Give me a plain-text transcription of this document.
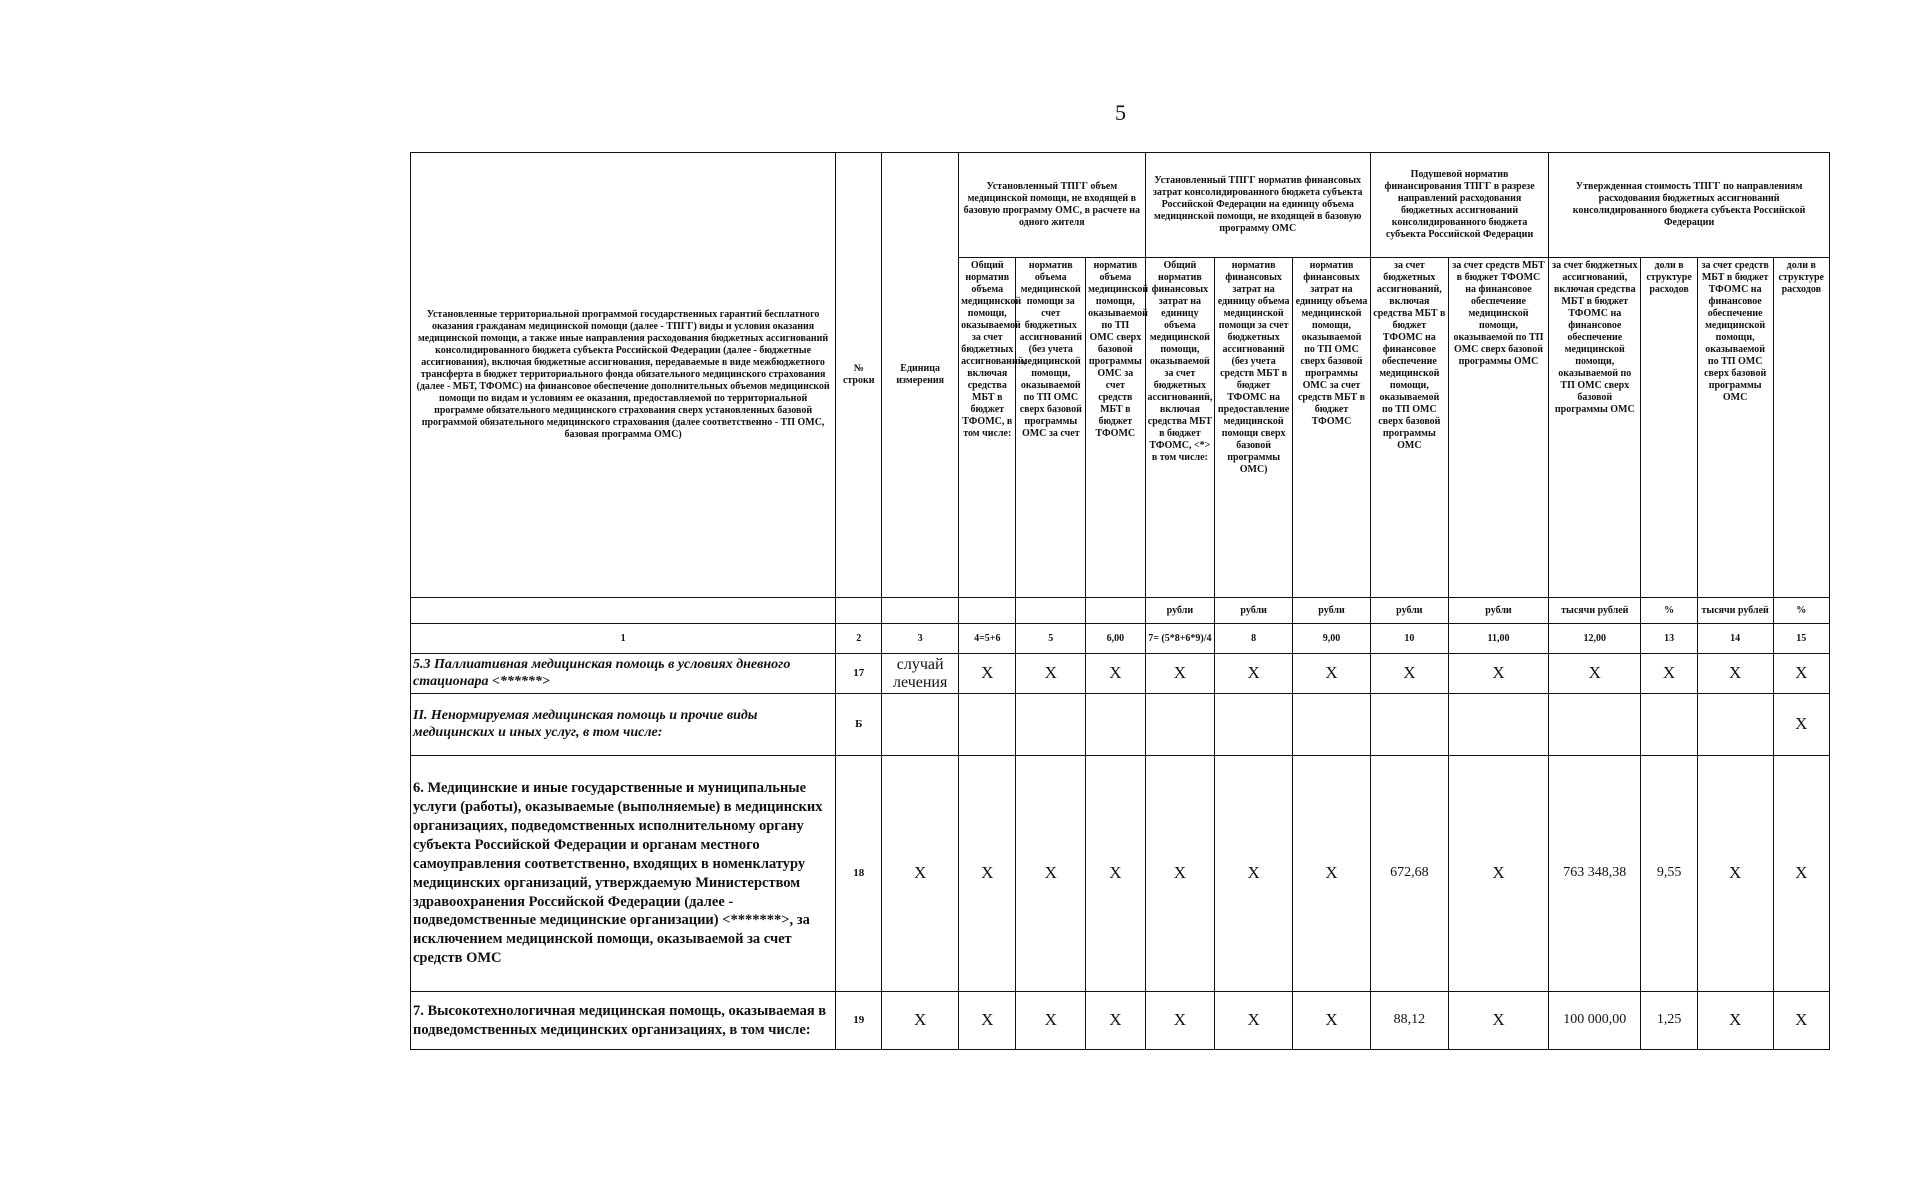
5
Установленные территориальной программой государственных гарантий бесплатного оказания гражданам медицинской помощи (далее - ТПГГ) виды и условия оказания медицинской помощи, а также иные направления расходования бюджетных ассигнований консолидированного бюджета субъекта Российской Федерации (далее - бюджетные ассигнования), включая бюджетные ассигнования, передаваемые в виде межбюджетного трансферта в бюджет территориального фонда обязательного медицинского страхования (далее - МБТ, ТФОМС) на финансовое обеспечение дополнительных объемов медицинской помощи по видам и условиям ее оказания, предоставляемой по территориальной программе обязательного медицинского страхования сверх установленных базовой программой обязательного медицинского страхования (далее соответственно - ТП ОМС, базовая программа ОМС)	№ строки	Единица измерения	Установленный ТПГГ объем медицинской помощи, не входящей в базовую программу ОМС, в расчете на одного жителя			Установленный ТПГГ норматив финансовых затрат консолидированного бюджета субъекта Российской Федерации на единицу объема медицинской помощи, не входящей в базовую программу ОМС			Подушевой норматив финансирования ТПГГ в разрезе направлений расходования бюджетных ассигнований консолидированного бюджета субъекта Российской Федерации		Утвержденная стоимость ТПГГ по направлениям расходования бюджетных ассигнований консолидированного бюджета субъекта Российской Федерации			
			Общий норматив объема медицинской помощи, оказываемой за счет бюджетных ассигнований, включая средства МБТ в бюджет ТФОМС, в том числе:	норматив объема медицинской помощи за счет бюджетных ассигнований (без учета медицинской помощи, оказываемой по ТП ОМС сверх базовой программы ОМС за счет	норматив объема медицинской помощи, оказываемой по ТП ОМС сверх базовой программы ОМС за счет средств МБТ в бюджет ТФОМС	Общий норматив финансовых затрат на единицу объема медицинской помощи, оказываемой за счет бюджетных ассигнований, включая средства МБТ в бюджет ТФОМС, <*> в том числе:	норматив финансовых затрат на единицу объема медицинской помощи за счет бюджетных ассигнований (без учета средств МБТ в бюджет ТФОМС на предоставление медицинской помощи сверх базовой программы ОМС)	норматив финансовых затрат на единицу объема медицинской помощи, оказываемой по ТП ОМС сверх базовой программы ОМС за счет средств МБТ в бюджет ТФОМС	за счет бюджетных ассигнований, включая средства МБТ в бюджет ТФОМС на финансовое обеспечение медицинской помощи, оказываемой по ТП ОМС сверх базовой программы ОМС	за счет средств МБТ в бюджет ТФОМС на финансовое обеспечение медицинской помощи, оказываемой по ТП ОМС сверх базовой программы ОМС	за счет бюджетных ассигнований, включая средства МБТ в бюджет ТФОМС на финансовое обеспечение медицинской помощи, оказываемой по ТП ОМС сверх базовой программы ОМС	доли в структуре расходов	за счет средств МБТ в бюджет ТФОМС на финансовое обеспечение медицинской помощи, оказываемой по ТП ОМС сверх базовой программы ОМС	доли в структуре расходов
						рубли	рубли	рубли	рубли	рубли	тысячи рублей	%	тысячи рублей	%
1	2	3	4=5+6	5	6,00	7= (5*8+6*9)/4	8	9,00	10	11,00	12,00	13	14	15
5.3 Паллиативная медицинская помощь в условиях дневного стационара <******>	17	случай лечения	X	X	X	X	X	X	X	X	X	X	X	X
II. Ненормируемая медицинская помощь и прочие виды медицинских и иных услуг, в том числе:	Б													X
6. Медицинские и иные государственные и муниципальные услуги (работы), оказываемые (выполняемые) в медицинских организациях, подведомственных исполнительному органу субъекта Российской Федерации и органам местного самоуправления соответственно, входящих в номенклатуру медицинских организаций, утверждаемую Министерством здравоохранения Российской Федерации (далее - подведомственные медицинские организации) <*******>, за исключением медицинской помощи, оказываемой за счет средств ОМС	18	X	X	X	X	X	X	X	672,68	X	763 348,38	9,55	X	X
7. Высокотехнологичная медицинская помощь, оказываемая в подведомственных медицинских организациях, в том числе:	19	X	X	X	X	X	X	X	88,12	X	100 000,00	1,25	X	X
